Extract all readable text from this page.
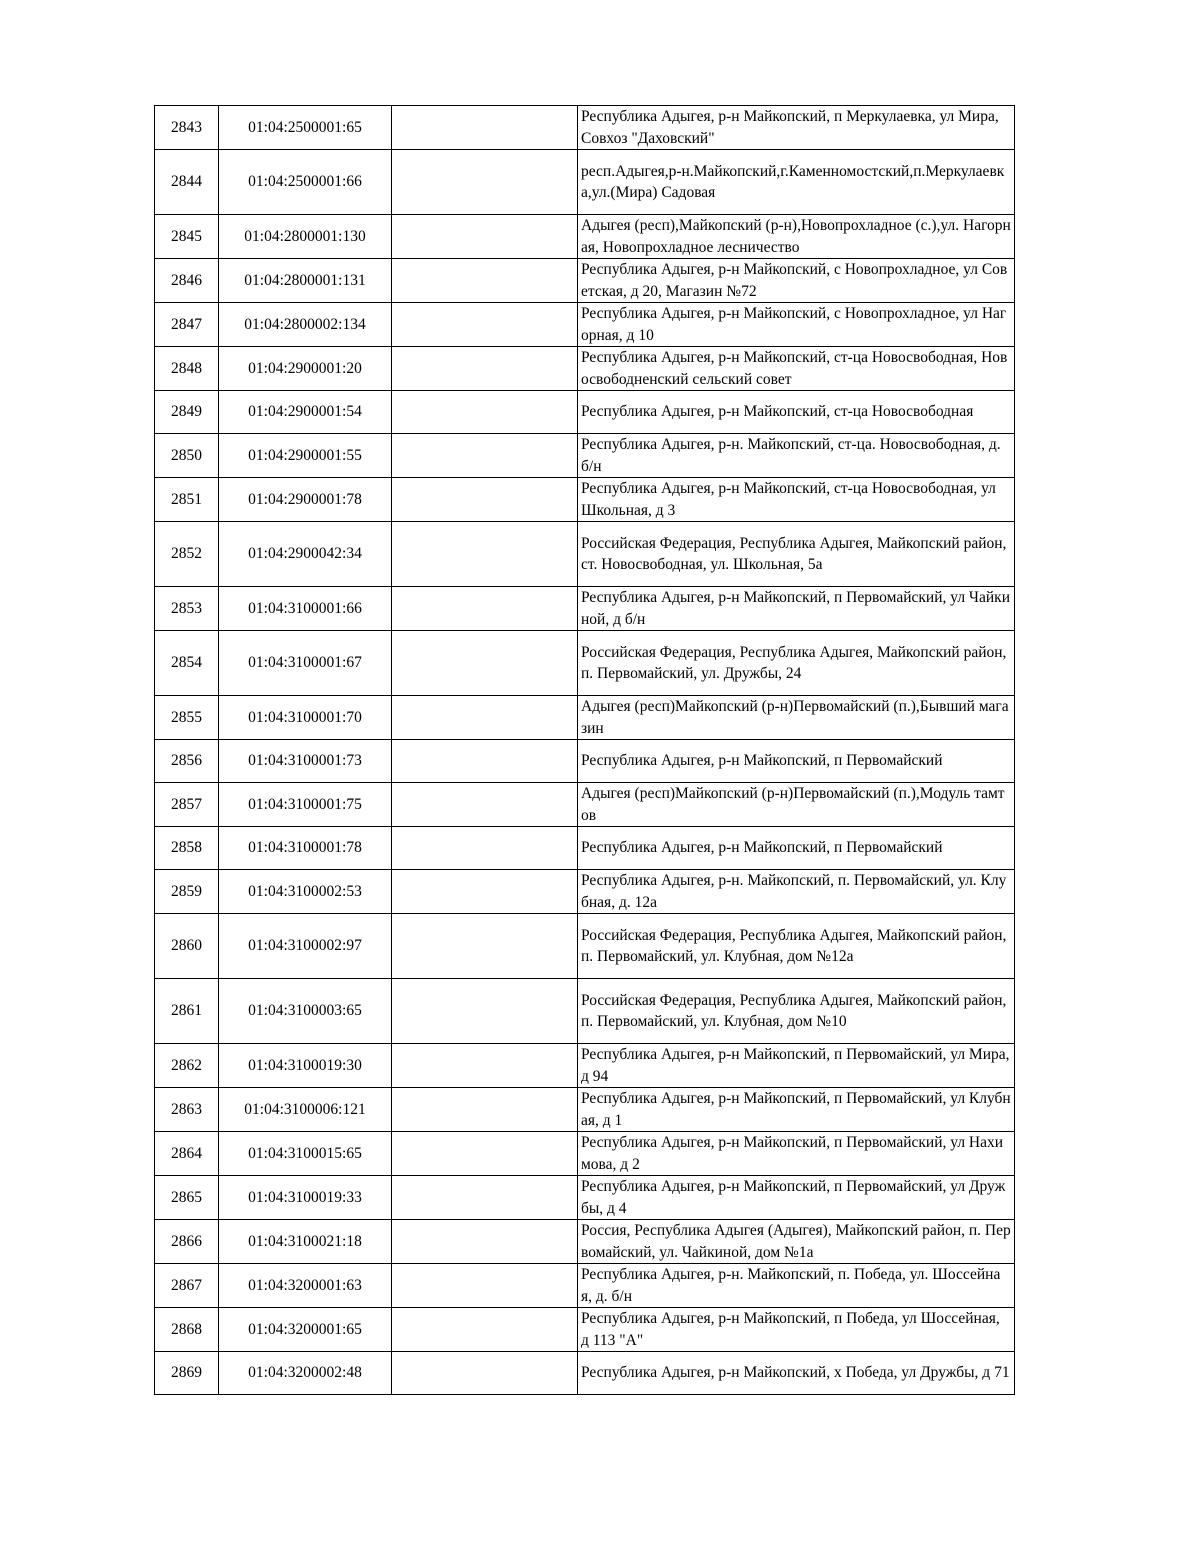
2843	01:04:2500001:65		Республика Адыгея, р-н Майкопский, п Меркулаевка, ул Мира, Совхоз "Даховский"
2844	01:04:2500001:66		респ.Адыгея,р-н.Майкопский,г.Каменномостский,п.Меркулаевка,ул.(Мира) Садовая
2845	01:04:2800001:130		Адыгея (респ),Майкопский (р-н),Новопрохладное (с.),ул. Нагорная, Новопрохладное лесничество
2846	01:04:2800001:131		Республика Адыгея, р-н Майкопский, с Новопрохладное, ул Советская, д 20, Магазин №72
2847	01:04:2800002:134		Республика Адыгея, р-н Майкопский, с Новопрохладное, ул Нагорная, д 10
2848	01:04:2900001:20		Республика Адыгея, р-н Майкопский, ст-ца Новосвободная, Новосвободненский сельский совет
2849	01:04:2900001:54		Республика Адыгея, р-н Майкопский, ст-ца Новосвободная
2850	01:04:2900001:55		Республика Адыгея, р-н. Майкопский, ст-ца. Новосвободная, д. б/н
2851	01:04:2900001:78		Республика Адыгея, р-н Майкопский, ст-ца Новосвободная, ул Школьная, д 3
2852	01:04:2900042:34		Российская Федерация, Республика Адыгея, Майкопский район, ст. Новосвободная, ул. Школьная, 5а
2853	01:04:3100001:66		Республика Адыгея, р-н Майкопский, п Первомайский, ул Чайкиной, д б/н
2854	01:04:3100001:67		Российская Федерация, Республика Адыгея, Майкопский район, п. Первомайский, ул. Дружбы, 24
2855	01:04:3100001:70		Адыгея (респ)Майкопский (р-н)Первомайский (п.),Бывший магазин
2856	01:04:3100001:73		Республика Адыгея, р-н Майкопский, п Первомайский
2857	01:04:3100001:75		Адыгея (респ)Майкопский (р-н)Первомайский (п.),Модуль тамтов
2858	01:04:3100001:78		Республика Адыгея, р-н Майкопский, п Первомайский
2859	01:04:3100002:53		Республика Адыгея, р-н. Майкопский, п. Первомайский, ул. Клубная, д. 12а
2860	01:04:3100002:97		Российская Федерация, Республика Адыгея, Майкопский район, п. Первомайский, ул. Клубная, дом №12а
2861	01:04:3100003:65		Российская Федерация, Республика Адыгея, Майкопский район, п. Первомайский, ул. Клубная, дом №10
2862	01:04:3100019:30		Республика Адыгея, р-н Майкопский, п Первомайский, ул Мира, д 94
2863	01:04:3100006:121		Республика Адыгея, р-н Майкопский, п Первомайский, ул Клубная, д 1
2864	01:04:3100015:65		Республика Адыгея, р-н Майкопский, п Первомайский, ул Нахимова, д 2
2865	01:04:3100019:33		Республика Адыгея, р-н Майкопский, п Первомайский, ул Дружбы, д 4
2866	01:04:3100021:18		Россия, Республика Адыгея (Адыгея), Майкопский район, п. Первомайский, ул. Чайкиной, дом №1а
2867	01:04:3200001:63		Республика Адыгея, р-н. Майкопский, п. Победа, ул. Шоссейная, д. б/н
2868	01:04:3200001:65		Республика Адыгея, р-н Майкопский, п Победа, ул Шоссейная, д 113 "А"
2869	01:04:3200002:48		Республика Адыгея, р-н Майкопский, х Победа, ул Дружбы, д 71
